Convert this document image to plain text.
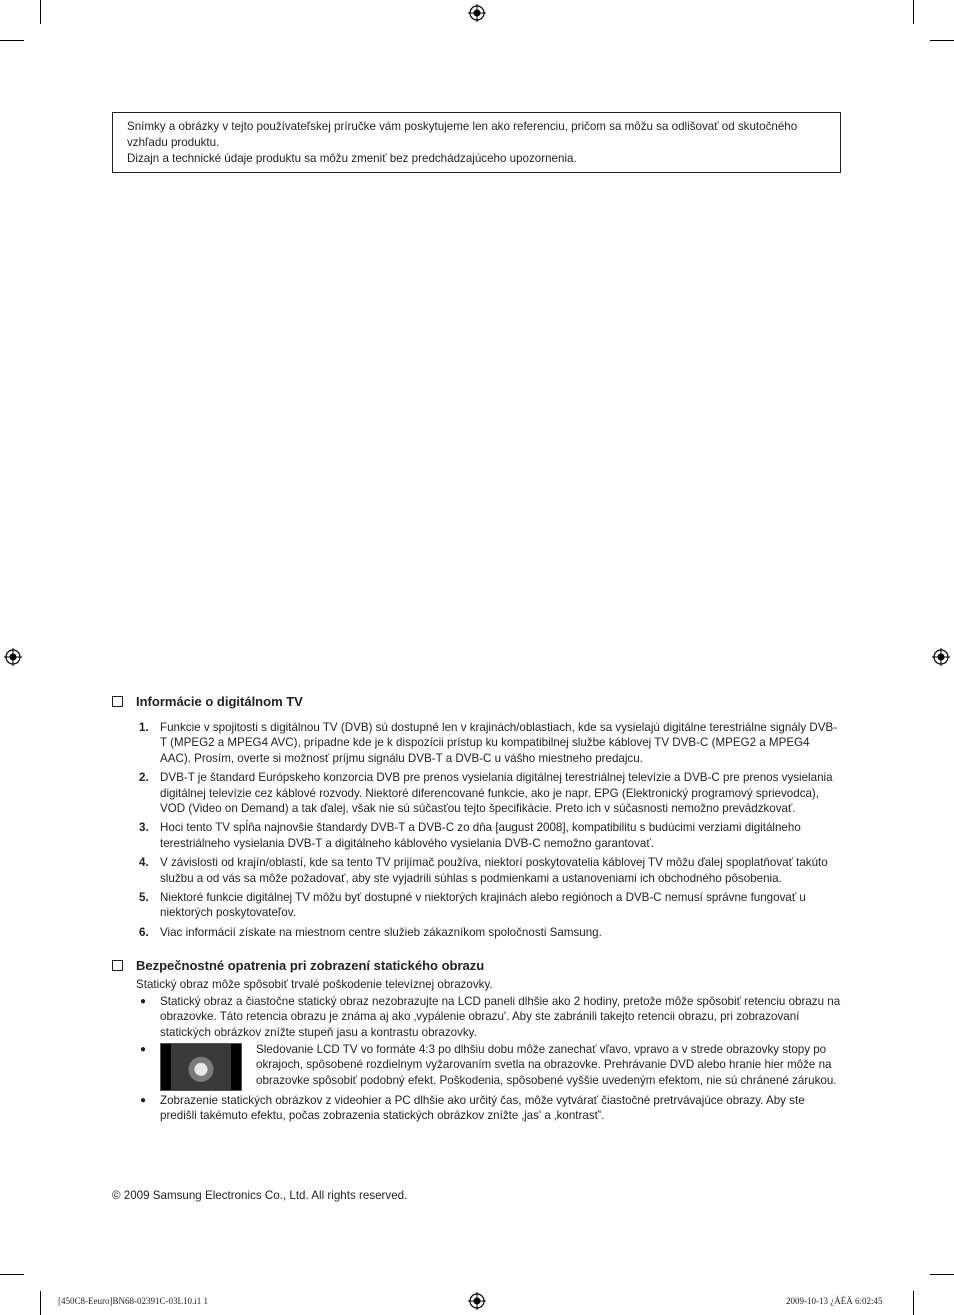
Snímky a obrázky v tejto používateľskej príručke vám poskytujeme len ako referenciu, pričom sa môžu sa odlišovať od skutočného vzhľadu produktu.

Dizajn a technické údaje produktu sa môžu zmeniť bez predchádzajúceho upozornenia.

Informácie o digitálnom TV
1. Funkcie v spojitosti s digitálnou TV (DVB) sú dostupné len v krajinách/oblastiach, kde sa vysielajú digitálne terestriálne signály DVB-T (MPEG2 a MPEG4 AVC), prípadne kde je k dispozícii prístup ku kompatibilnej službe káblovej TV DVB-C (MPEG2 a MPEG4 AAC). Prosím, overte si možnosť príjmu signálu DVB-T a DVB-C u vášho miestneho predajcu.
2. DVB-T je štandard Európskeho konzorcia DVB pre prenos vysielania digitálnej terestriálnej televízie a DVB-C pre prenos vysielania digitálnej televízie cez káblové rozvody. Niektoré diferencované funkcie, ako je napr. EPG (Elektronický programový sprievodca), VOD (Video on Demand) a tak ďalej, však nie sú súčasťou tejto špecifikácie. Preto ich v súčasnosti nemožno prevádzkovať.
3. Hoci tento TV spĺňa najnovšie štandardy DVB-T a DVB-C zo dňa [august 2008], kompatibilitu s budúcimi verziami digitálneho terestriálneho vysielania DVB-T a digitálneho káblového vysielania DVB-C nemožno garantovať.
4. V závislosti od krajín/oblastí, kde sa tento TV prijímač používa, niektorí poskytovatelia káblovej TV môžu ďalej spoplatňovať takúto službu a od vás sa môže požadovať, aby ste vyjadrili súhlas s podmienkami a ustanoveniami ich obchodného pôsobenia.
5. Niektoré funkcie digitálnej TV môžu byť dostupné v niektorých krajinách alebo regiónoch a DVB-C nemusí správne fungovať u niektorých poskytovateľov.
6. Viac informácií získate na miestnom centre služieb zákazníkom spoločnosti Samsung.
Bezpečnostné opatrenia pri zobrazení statického obrazu

Statický obraz môže spôsobiť trvalé poškodenie televíznej obrazovky.

● Statický obraz a čiastočne statický obraz nezobrazujte na LCD paneli dlhšie ako 2 hodiny, pretože môže spôsobiť retenciu obrazu na obrazovke. Táto retencia obrazu je známa aj ako ‚vypálenie obrazu'. Aby ste zabránili takejto retencii obrazu, pri zobrazovaní statických obrázkov znížte stupeň jasu a kontrastu obrazovky.
●	Sledovanie LCD TV vo formáte 4:3 po dlhšiu dobu môže zanechať vľavo, vpravo a v strede obrazovky stopy po okrajoch, spôsobené rozdielnym vyžarovaním svetla na obrazovke. Prehrávanie DVD alebo hranie hier môže na obrazovke spôsobiť podobný efekt. Poškodenia, spôsobené vyššie uvedeným efektom, nie sú chránené zárukou.
● Zobrazenie statických obrázkov z videohier a PC dlhšie ako určitý čas, môže vytvárať čiastočné pretrvávajúce obrazy. Aby ste predišli takémuto efektu, počas zobrazenia statických obrázkov znížte ‚jas' a ‚kontrasť'.
© 2009 Samsung Electronics Co., Ltd. All rights reserved.
[450C8-Eeuro]BN68-02391C-03L10.i1 1	2009-10-13 ¿ÀÈÄ 6:02:45
